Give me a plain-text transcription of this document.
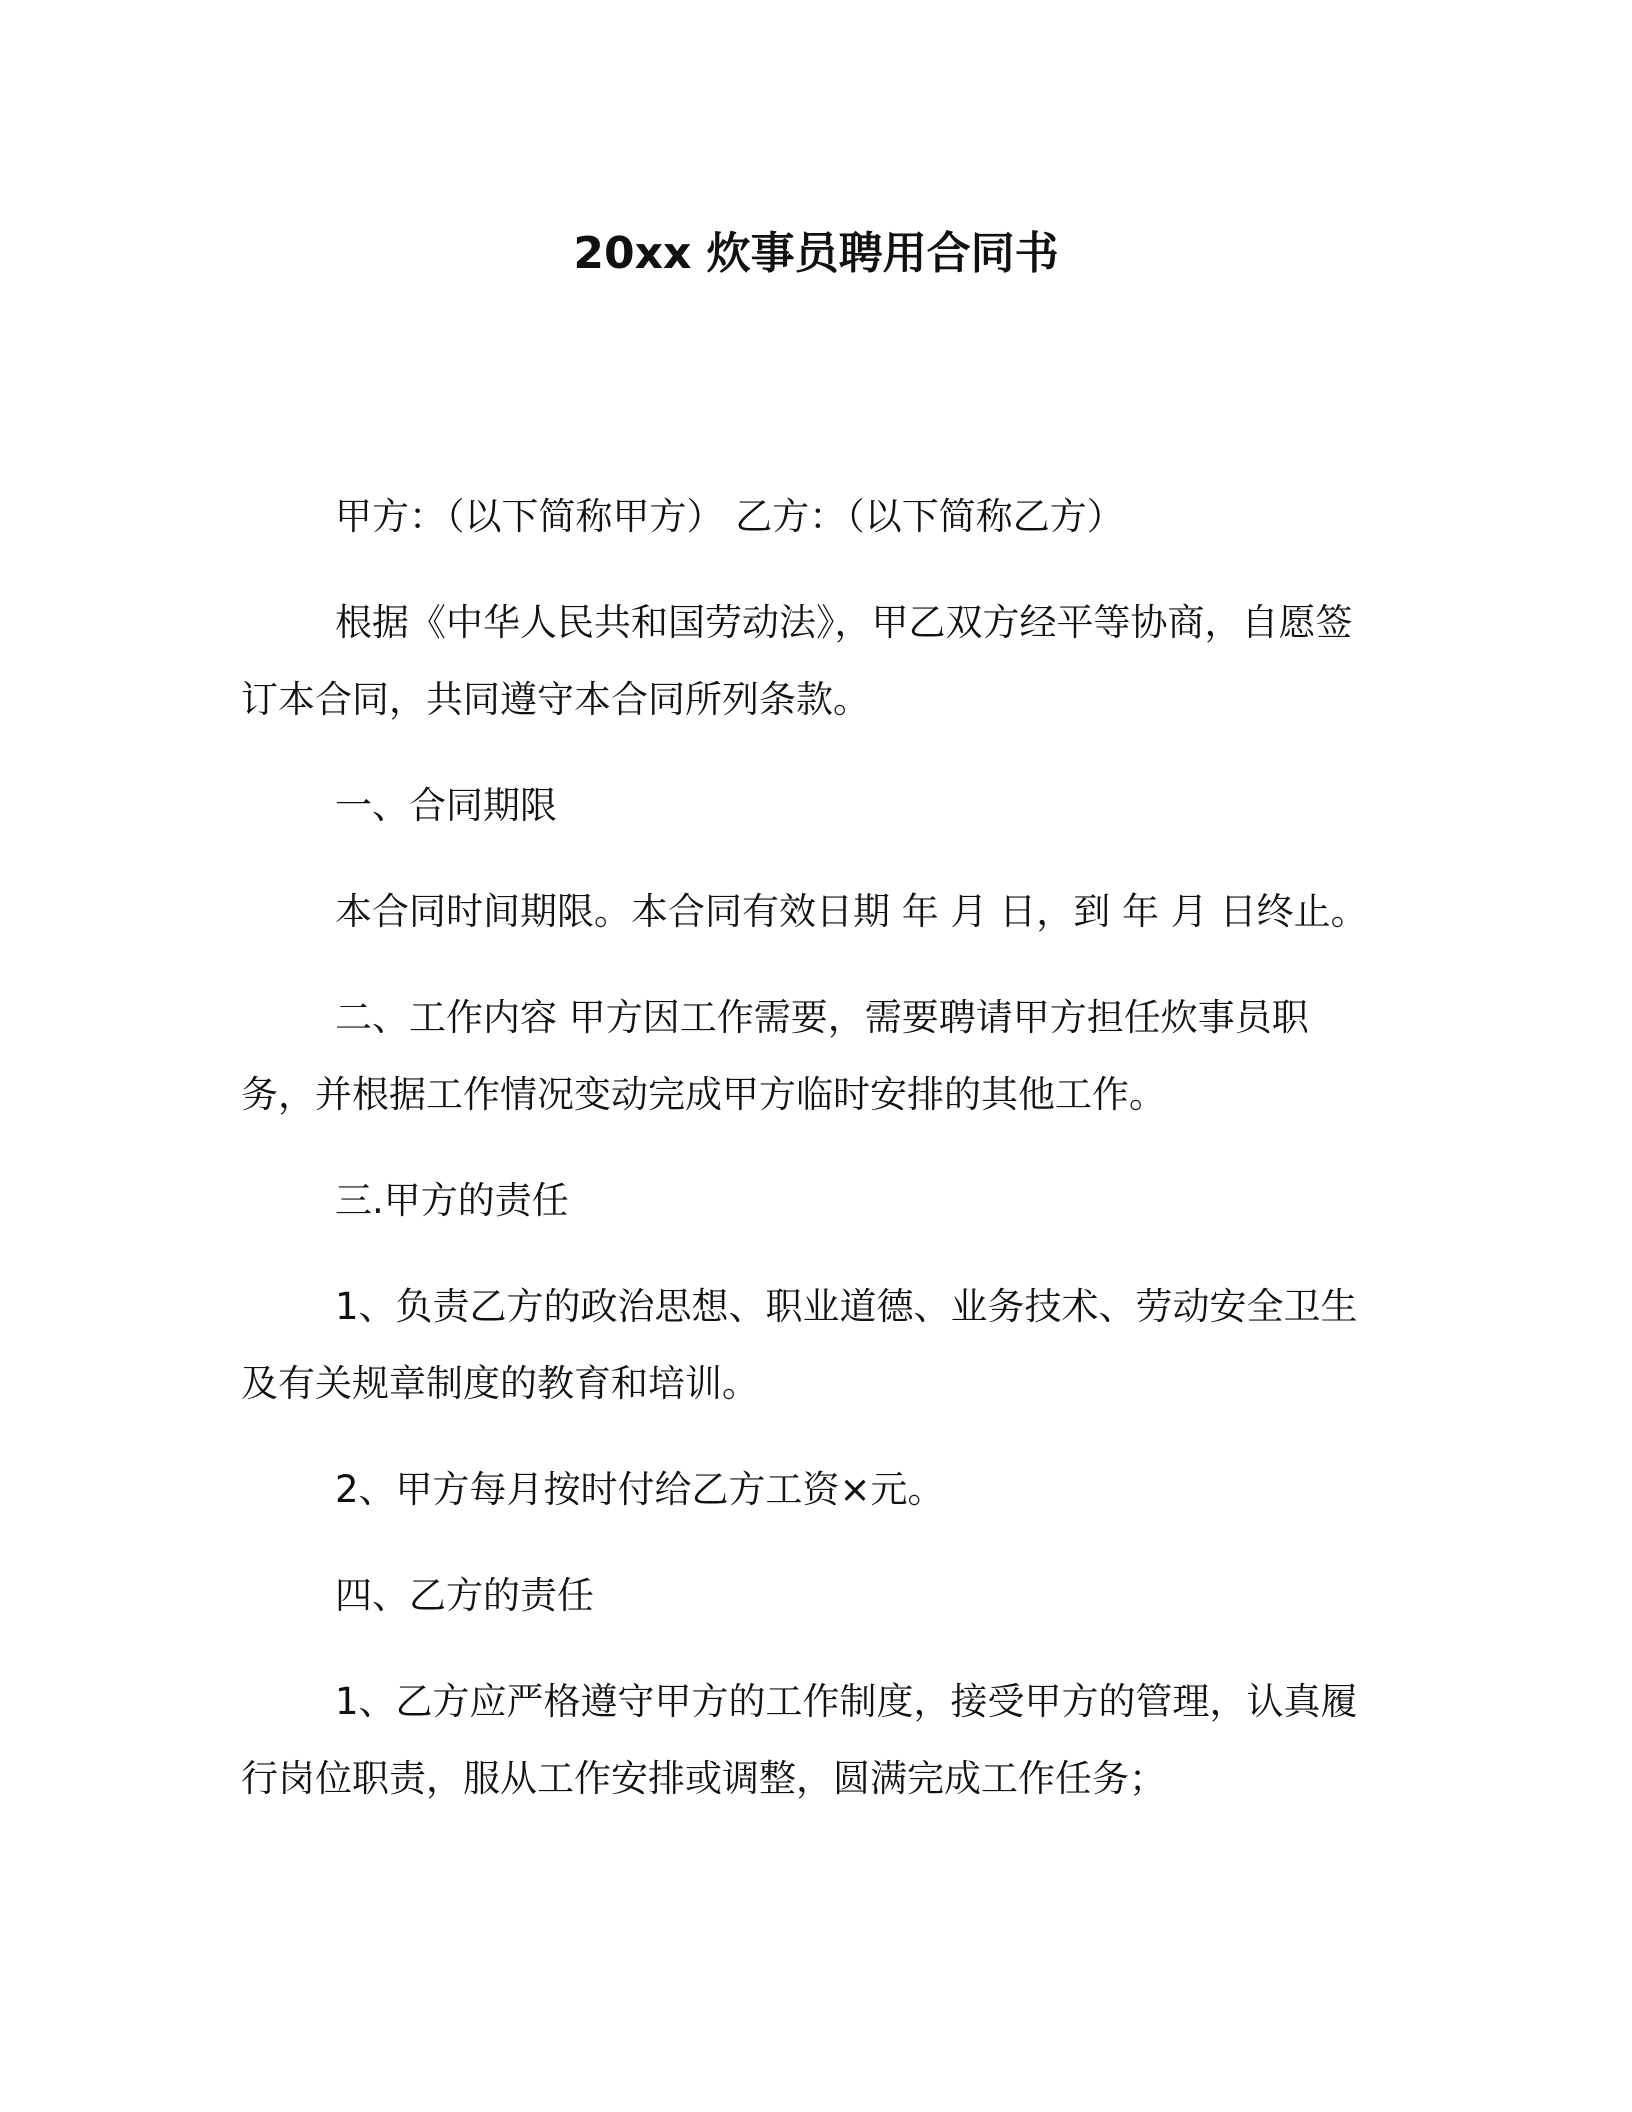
20xx 炊事员聘用合同书

甲方：（以下简称甲方） 乙方：（以下简称乙方）

根据《中华人民共和国劳动法》，甲乙双方经平等协商，自愿签订本合同，共同遵守本合同所列条款。

一、合同期限

本合同时间期限。本合同有效日期 年 月 日，到 年 月 日终止。

二、工作内容 甲方因工作需要，需要聘请甲方担任炊事员职务，并根据工作情况变动完成甲方临时安排的其他工作。

三.甲方的责任

1、负责乙方的政治思想、职业道德、业务技术、劳动安全卫生及有关规章制度的教育和培训。

2、甲方每月按时付给乙方工资×元。

四、乙方的责任

1、乙方应严格遵守甲方的工作制度，接受甲方的管理，认真履行岗位职责，服从工作安排或调整，圆满完成工作任务；
